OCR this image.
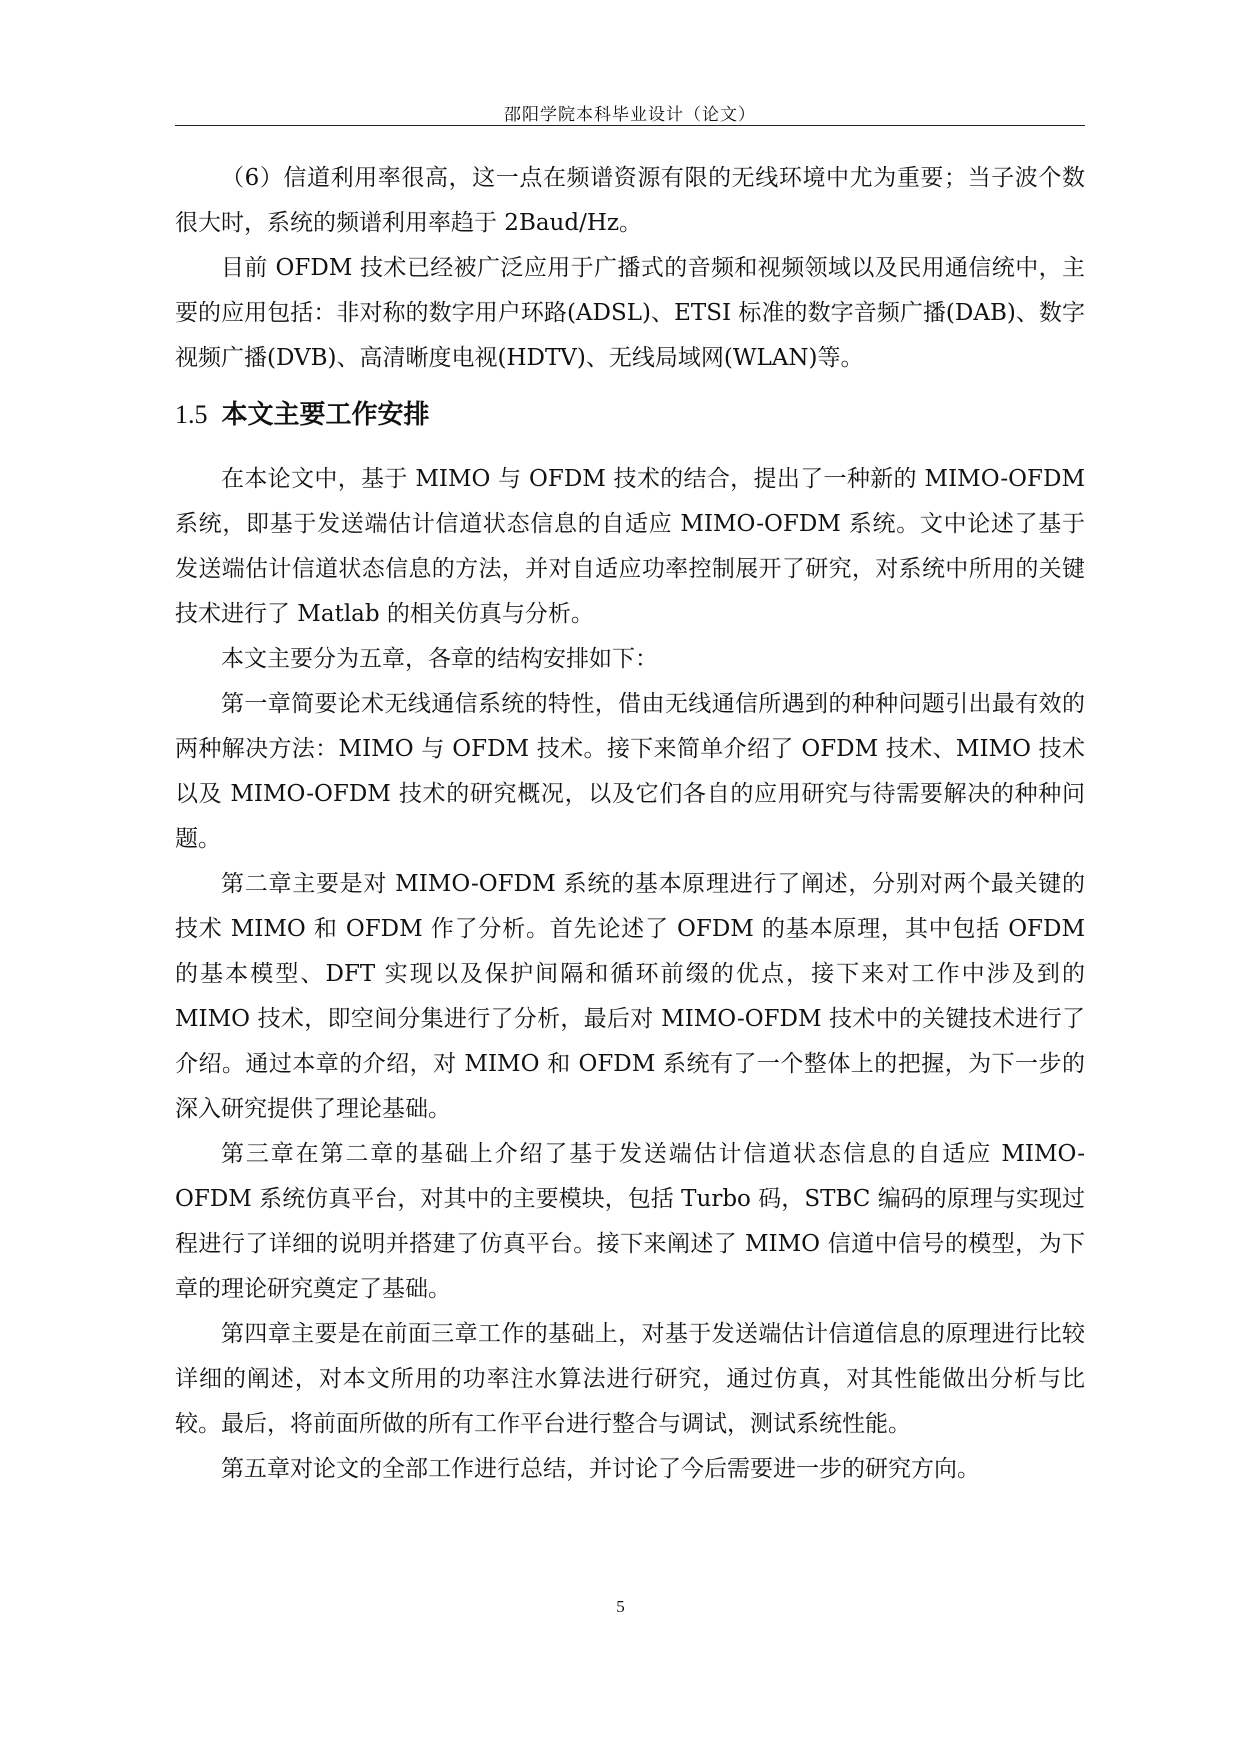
邵阳学院本科毕业设计（论文）

（6）信道利用率很高，这一点在频谱资源有限的无线环境中尤为重要；当子波个数很大时，系统的频谱利用率趋于 2Baud/Hz。

目前 OFDM 技术已经被广泛应用于广播式的音频和视频领域以及民用通信统中，主要的应用包括：非对称的数字用户环路(ADSL)、ETSI 标准的数字音频广播(DAB)、数字视频广播(DVB)、高清晰度电视(HDTV)、无线局域网(WLAN)等。

1.5 本文主要工作安排

在本论文中，基于 MIMO 与 OFDM 技术的结合，提出了一种新的 MIMO-OFDM 系统，即基于发送端估计信道状态信息的自适应 MIMO-OFDM 系统。文中论述了基于发送端估计信道状态信息的方法，并对自适应功率控制展开了研究，对系统中所用的关键技术进行了 Matlab 的相关仿真与分析。

本文主要分为五章，各章的结构安排如下：

第一章简要论术无线通信系统的特性，借由无线通信所遇到的种种问题引出最有效的两种解决方法：MIMO 与 OFDM 技术。接下来简单介绍了 OFDM 技术、MIMO 技术以及 MIMO-OFDM 技术的研究概况，以及它们各自的应用研究与待需要解决的种种问题。

第二章主要是对 MIMO-OFDM 系统的基本原理进行了阐述，分别对两个最关键的技术 MIMO 和 OFDM 作了分析。首先论述了 OFDM 的基本原理，其中包括 OFDM 的基本模型、DFT 实现以及保护间隔和循环前缀的优点，接下来对工作中涉及到的 MIMO 技术，即空间分集进行了分析，最后对 MIMO-OFDM 技术中的关键技术进行了介绍。通过本章的介绍，对 MIMO 和 OFDM 系统有了一个整体上的把握，为下一步的深入研究提供了理论基础。

第三章在第二章的基础上介绍了基于发送端估计信道状态信息的自适应 MIMO-OFDM 系统仿真平台，对其中的主要模块，包括 Turbo 码，STBC 编码的原理与实现过程进行了详细的说明并搭建了仿真平台。接下来阐述了 MIMO 信道中信号的模型，为下章的理论研究奠定了基础。

第四章主要是在前面三章工作的基础上，对基于发送端估计信道信息的原理进行比较详细的阐述，对本文所用的功率注水算法进行研究，通过仿真，对其性能做出分析与比较。最后，将前面所做的所有工作平台进行整合与调试，测试系统性能。

第五章对论文的全部工作进行总结，并讨论了今后需要进一步的研究方向。

5
